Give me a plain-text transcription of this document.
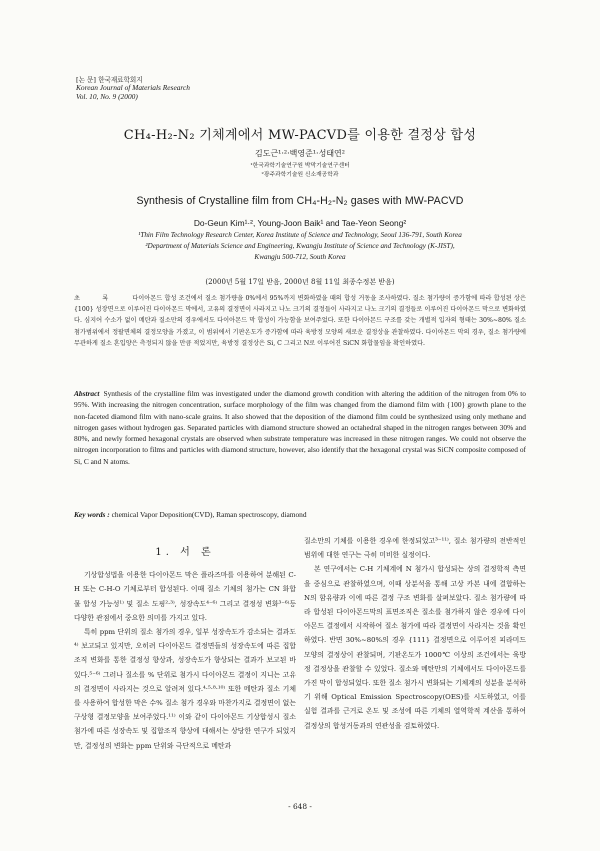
[논 문] 한국재료학회지
Korean Journal of Materials Research
Vol. 10, No. 9 (2000)
CH₄-H₂-N₂ 기체계에서 MW-PACVD를 이용한 결정상 합성
김도근¹·²·백영준¹·성태연²
¹한국과학기술연구원 박막기술연구센터
²광주과학기술원 신소재공학과
Synthesis of Crystalline film from CH₄-H₂-N₂ gases with MW-PACVD
Do-Geun Kim¹·², Young-Joon Baik¹ and Tae-Yeon Seong²
¹Thin Film Technology Research Center, Korea Institute of Science and Technology, Seoul 136-791, South Korea
²Department of Materials Science and Engineering, Kwangju Institute of Science and Technology (K-JIST),
Kwangju 500-712, South Korea
(2000년 5월 17일 받음, 2000년 8월 11일 최종수정본 받음)
초 록 다이아몬드 합성 조건에서 질소 첨가량을 0%에서 95%까지 변화하였을 때의 합성 거동을 조사하였다. 질소 첨가량이 증가함에 따라 합성된 상은 {100} 성장면으로 이루어진 다이아몬드 막에서, 고유의 결정면이 사라지고 나노 크기의 결정들이 사라지고 나노 크기의 결정들로 이루어진 다이아몬드 막으로 변화하였다. 심지어 수소가 없이 메탄과 질소만의 경우에서도 다이아몬드 막 합성이 가능함을 보여주었다. 또한 다이아몬드 구조를 갖는 개별적 입자의 형태는 30%~80% 질소 첨가범위에서 정팔면체의 결정모양을 가졌고, 이 범위에서 기판온도가 증가함에 따라 육방정 모양의 새로운 결정상을 관찰하였다. 다이아몬드 막의 경우, 질소 첨가량에 무관하게 질소 혼입양은 측정되지 않을 만큼 적었지만, 육방정 결정상은 Si, C 그리고 N로 이루어진 SiCN 화합물임을 확인하였다.
Abstract Synthesis of the crystalline film was investigated under the diamond growth condition with altering the addition of the nitrogen from 0% to 95%. With increasing the nitrogen concentration, surface morphology of the film was changed from the diamond film with {100} growth plane to the non-faceted diamond film with nano-scale grains. It also showed that the deposition of the diamond film could be synthesized using only methane and nitrogen gases without hydrogen gas. Separated particles with diamond structure showed an octahedral shaped in the nitrogen ranges between 30% and 80%, and newly formed hexagonal crystals are observed when substrate temperature was increased in these nitrogen ranges. We could not observe the nitrogen incorporation to films and particles with diamond structure, however, also identify that the hexagonal crystal was SiCN composite composed of Si, C and N atoms.
Key words : chemical Vapor Deposition(CVD), Raman spectroscopy, diamond
1. 서 론

기상합성법을 이용한 다이아몬드 막은 플라즈마를 이용하여 분해된 C-H 또는 C-H-O 기체로부터 합성된다. 이때 질소 기체의 첨가는 CN 화합물 합성 가능성¹⁾ 및 질소 도핑²·³⁾, 성장속도⁴⁻⁶⁾ 그리고 결정성 변화³⁻⁶⁾등 다양한 관점에서 중요한 의미를 가지고 있다.

특히 ppm 단위의 질소 첨가의 경우, 일부 성장속도가 감소되는 결과도⁴⁾ 보고되고 있지만, 오히려 다이아몬드 결정면들의 성장속도에 따른 집합조직 변화를 통한 결정성 향상과, 성장속도가 향상되는 결과가 보고된 바 있다.⁵⁻⁶⁾ 그러나 질소를 % 단위로 첨가시 다이아몬드 결정이 지니는 고유의 결정면이 사라지는 것으로 알려져 있다.⁴·⁵·⁸·¹⁰⁾ 또한 메탄과 질소 기체를 사용하여 합성한 막은 수% 질소 첨가 경우와 마찬가지로 결정면이 없는 구상형 결정모양을 보여주었다.¹¹⁾ 이와 같이 다이아몬드 기상합성시 질소 첨가에 따른 성장속도 및 집합조직 향상에 대해서는 상당한 연구가 되었지만, 결정성의 변화는 ppm 단위와 극단적으로 메탄과

질소만의 기체를 이용한 경우에 한정되었고³⁻¹¹⁾, 질소 첨가량의 전반적인 범위에 대한 연구는 극히 미비한 실정이다.

본 연구에서는 C-H 기체계에 N 첨가시 합성되는 상의 결정학적 측면을 중심으로 관찰하였으며, 이때 상분석을 통해 고상 카본 내에 결합하는 N의 함유량과 이에 따른 결정 구조 변화를 살펴보았다. 질소 첨가량에 따라 합성된 다이아몬드막의 표면조직은 질소를 첨가하지 않은 경우에 다이아몬드 결정에서 시작하여 질소 첨가에 따라 결정면이 사라지는 것을 확인하였다. 반면 30%~80%의 경우 {111} 결정면으로 이루어진 피라미드 모양의 결정상이 관찰되며, 기판온도가 1000℃ 이상의 조건에서는 육방정 결정상을 관찰할 수 있었다. 질소와 메탄만의 기체에서도 다이아몬드를 가진 막이 합성되었다. 또한 질소 첨가시 변화되는 기체계의 성분을 분석하기 위해 Optical Emission Spectroscopy(OES)를 시도하였고, 이를 실험 결과를 근거로 온도 및 조성에 따른 기체의 열역학적 계산을 통하여 결정상의 합성거동과의 연관성을 검토하였다.

- 648 -
